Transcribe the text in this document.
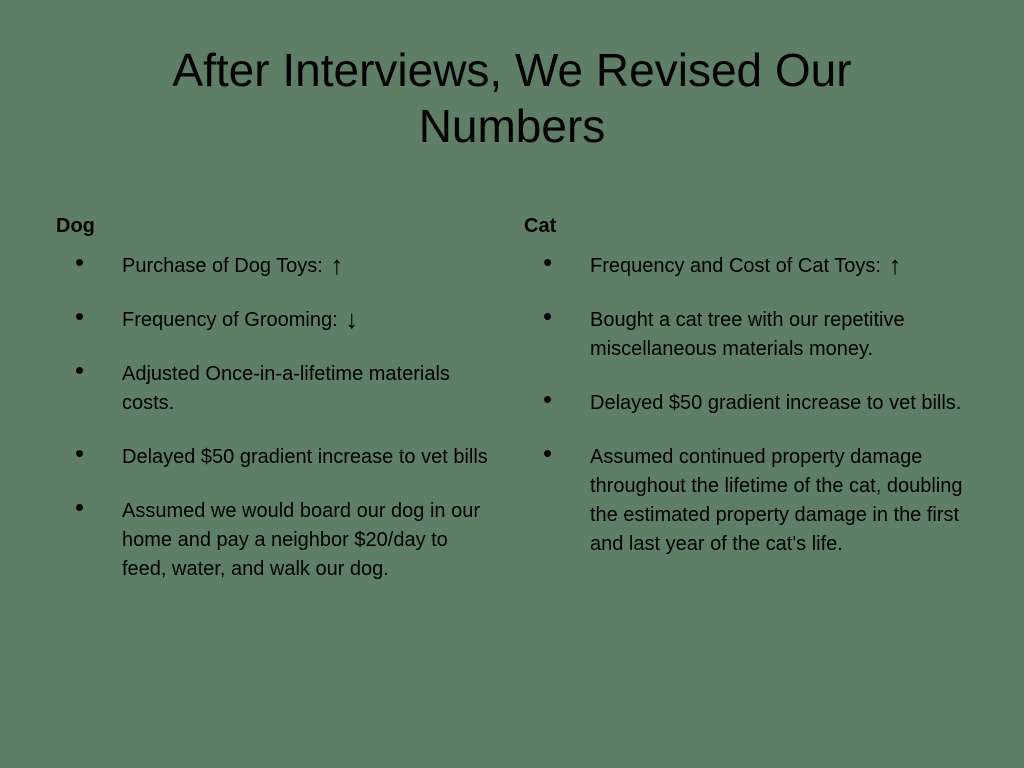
After Interviews, We Revised Our
Numbers
Dog
• Purchase of Dog Toys: ↑
• Frequency of Grooming: ↓
• Adjusted Once-in-a-lifetime materials costs.
• Delayed $50 gradient increase to vet bills
• Assumed we would board our dog in our home and pay a neighbor $20/day to feed, water, and walk our dog.
Cat
• Frequency and Cost of Cat Toys: ↑
• Bought a cat tree with our repetitive miscellaneous materials money.
• Delayed $50 gradient increase to vet bills.
• Assumed continued property damage throughout the lifetime of the cat, doubling the estimated property damage in the first and last year of the cat's life.
